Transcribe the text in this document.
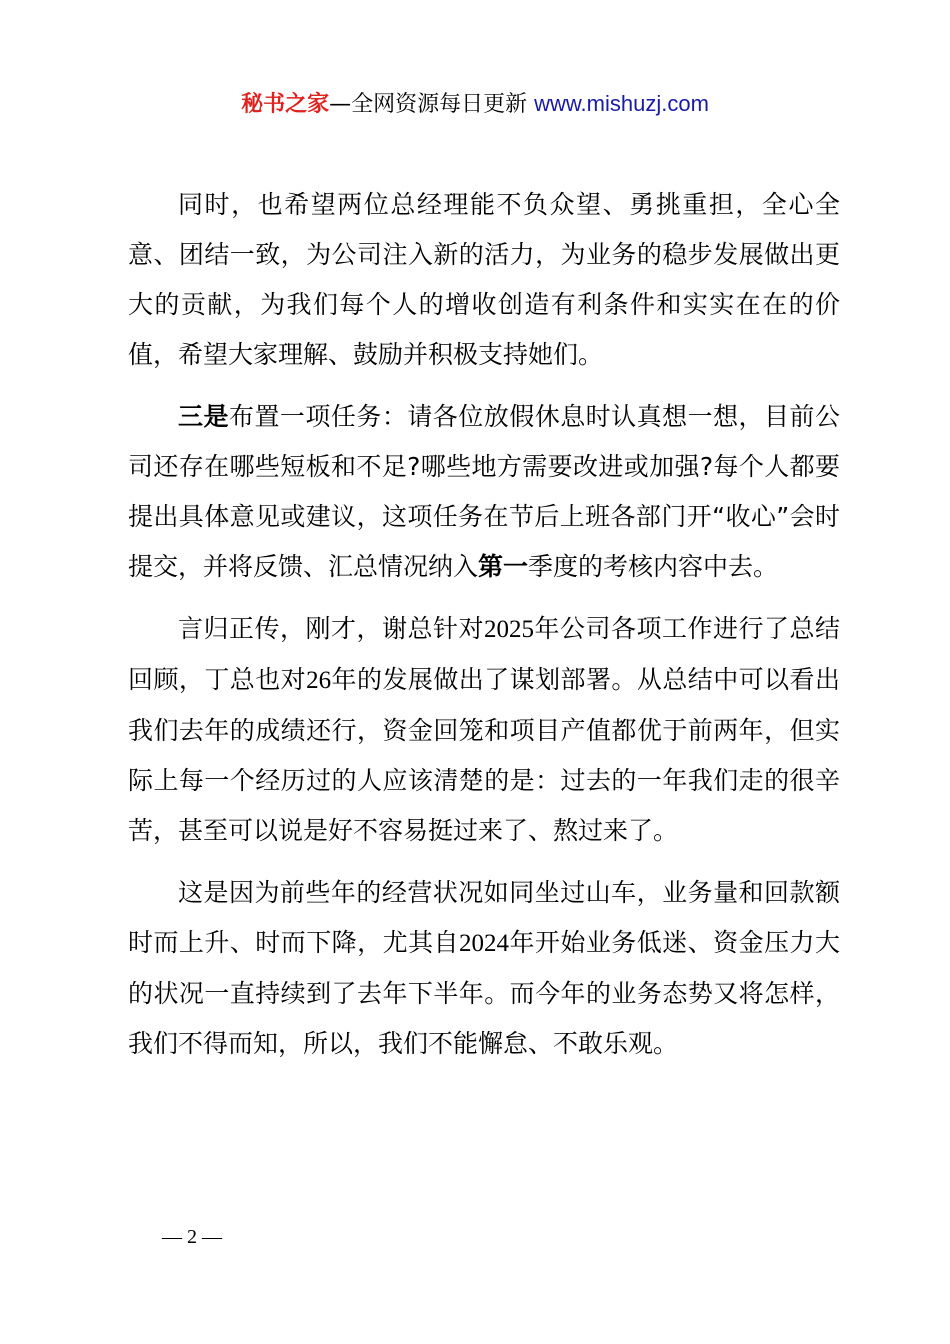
秘书之家—全网资源每日更新 www.mishuzj.com

同时，也希望两位总经理能不负众望、勇挑重担，全心全意、团结一致，为公司注入新的活力，为业务的稳步发展做出更大的贡献，为我们每个人的增收创造有利条件和实实在在的价值，希望大家理解、鼓励并积极支持她们。

三是布置一项任务：请各位放假休息时认真想一想，目前公司还存在哪些短板和不足?哪些地方需要改进或加强?每个人都要提出具体意见或建议，这项任务在节后上班各部门开“收心”会时提交，并将反馈、汇总情况纳入第一季度的考核内容中去。

言归正传，刚才，谢总针对2025年公司各项工作进行了总结回顾，丁总也对26年的发展做出了谋划部署。从总结中可以看出我们去年的成绩还行，资金回笼和项目产值都优于前两年，但实际上每一个经历过的人应该清楚的是：过去的一年我们走的很辛苦，甚至可以说是好不容易挺过来了、熬过来了。

这是因为前些年的经营状况如同坐过山车，业务量和回款额时而上升、时而下降，尤其自2024年开始业务低迷、资金压力大的状况一直持续到了去年下半年。而今年的业务态势又将怎样，我们不得而知，所以，我们不能懈怠、不敢乐观。

— 2 —
